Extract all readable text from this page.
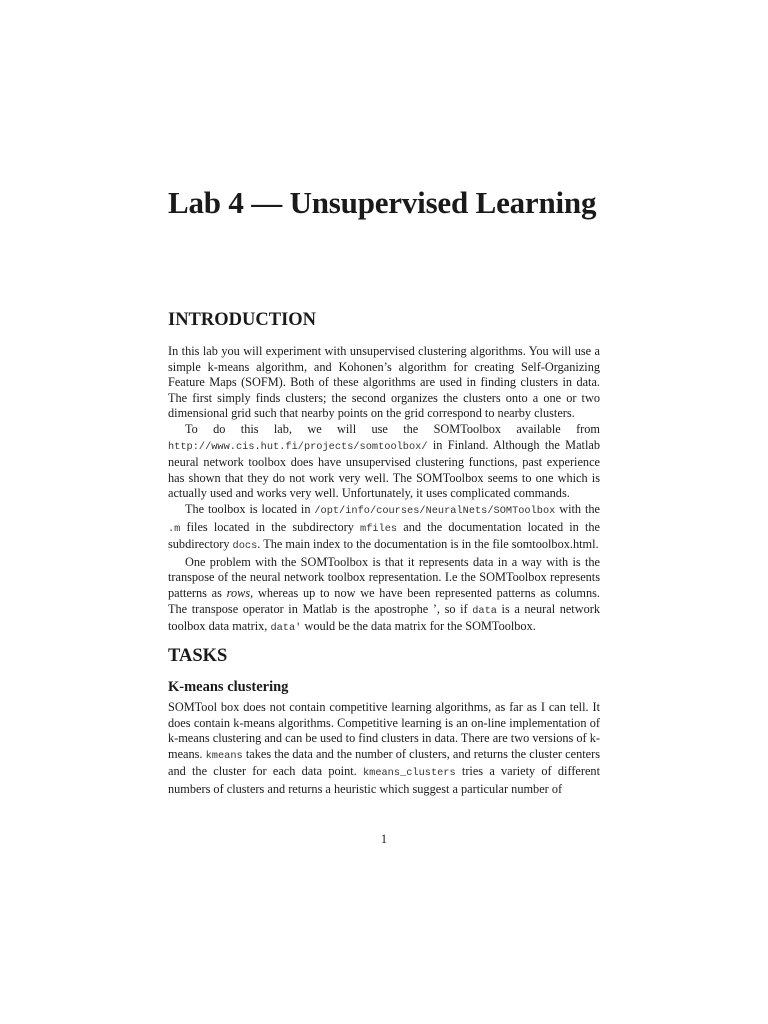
Lab 4 — Unsupervised Learning
INTRODUCTION

In this lab you will experiment with unsupervised clustering algorithms. You will use a simple k-means algorithm, and Kohonen’s algorithm for creating Self-Organizing Feature Maps (SOFM). Both of these algorithms are used in finding clusters in data. The first simply finds clusters; the second organizes the clusters onto a one or two dimensional grid such that nearby points on the grid correspond to nearby clusters.

To do this lab, we will use the SOMToolbox available from http://www.cis.hut.fi/projects/somtoolbox/ in Finland. Although the Matlab neural network toolbox does have unsupervised clustering functions, past experience has shown that they do not work very well. The SOMToolbox seems to one which is actually used and works very well. Unfortunately, it uses complicated commands.

The toolbox is located in /opt/info/courses/NeuralNets/SOMToolbox with the .m files located in the subdirectory mfiles and the documentation located in the subdirectory docs. The main index to the documentation is in the file somtoolbox.html.

One problem with the SOMToolbox is that it represents data in a way with is the transpose of the neural network toolbox representation. I.e the SOMToolbox represents patterns as rows, whereas up to now we have been represented patterns as columns. The transpose operator in Matlab is the apostrophe ’, so if data is a neural network toolbox data matrix, data' would be the data matrix for the SOMToolbox.

TASKS
K-means clustering

SOMTool box does not contain competitive learning algorithms, as far as I can tell. It does contain k-means algorithms. Competitive learning is an on-line implementation of k-means clustering and can be used to find clusters in data. There are two versions of k-means. kmeans takes the data and the number of clusters, and returns the cluster centers and the cluster for each data point. kmeans_clusters tries a variety of different numbers of clusters and returns a heuristic which suggest a particular number of

1
